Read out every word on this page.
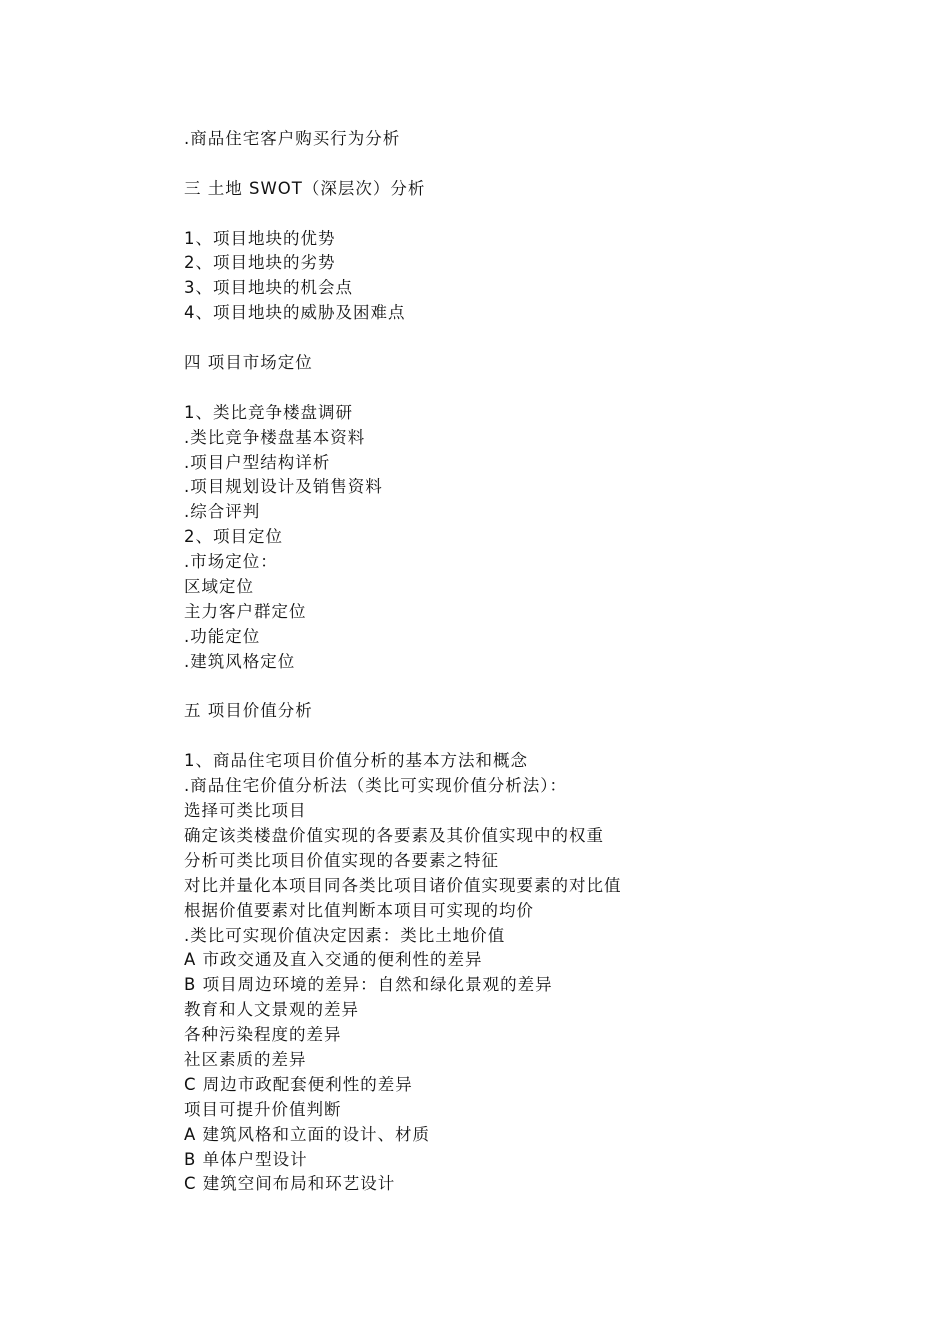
.商品住宅客户购买行为分析
三 土地 SWOT（深层次）分析
1、项目地块的优势
2、项目地块的劣势
3、项目地块的机会点
4、项目地块的威胁及困难点
四 项目市场定位
1、类比竞争楼盘调研
.类比竞争楼盘基本资料
.项目户型结构详析
.项目规划设计及销售资料
.综合评判
2、项目定位
.市场定位：
区域定位
主力客户群定位
.功能定位
.建筑风格定位
五 项目价值分析
1、商品住宅项目价值分析的基本方法和概念
.商品住宅价值分析法（类比可实现价值分析法）：
选择可类比项目
确定该类楼盘价值实现的各要素及其价值实现中的权重
分析可类比项目价值实现的各要素之特征
对比并量化本项目同各类比项目诸价值实现要素的对比值
根据价值要素对比值判断本项目可实现的均价
.类比可实现价值决定因素：类比土地价值
A 市政交通及直入交通的便利性的差异
B 项目周边环境的差异：自然和绿化景观的差异
教育和人文景观的差异
各种污染程度的差异
社区素质的差异
C 周边市政配套便利性的差异
项目可提升价值判断
A 建筑风格和立面的设计、材质
B 单体户型设计
C 建筑空间布局和环艺设计
